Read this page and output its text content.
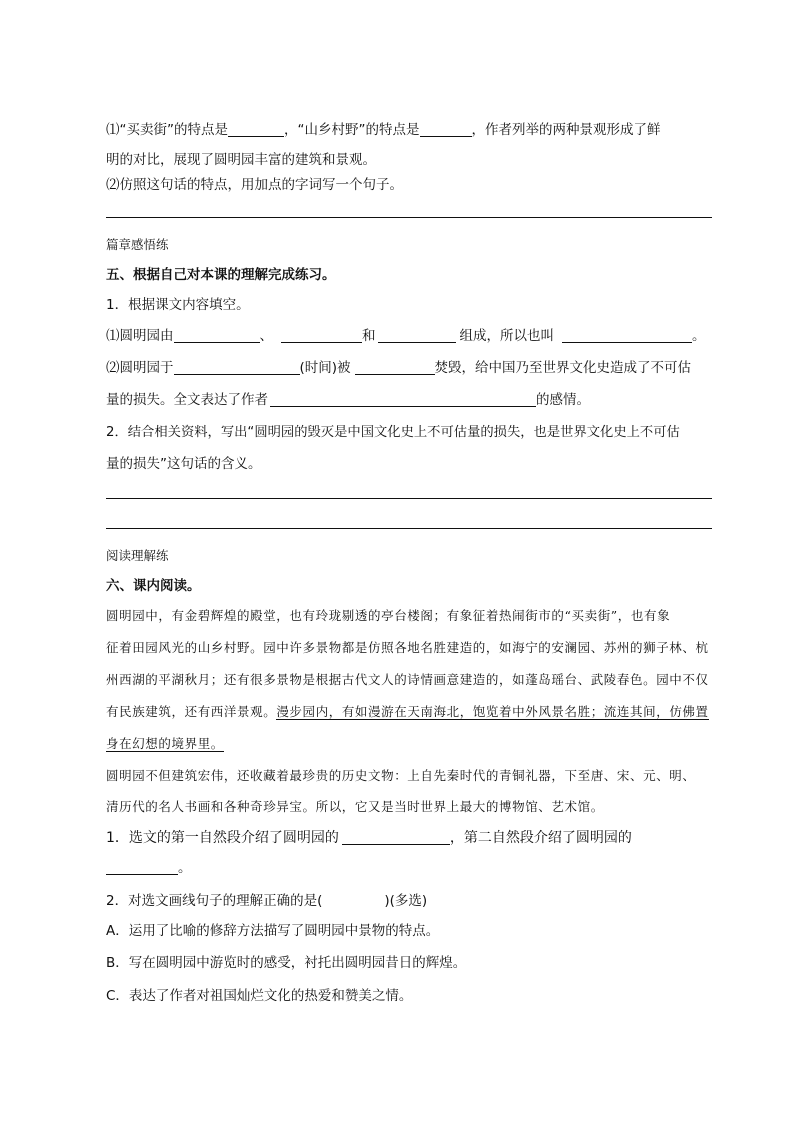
⑴“买卖街”的特点是	，“山乡村野”的特点是	，作者列举的两种景观形成了鲜
明的对比，展现了圆明园丰富的建筑和景观。
⑵仿照这句话的特点，用加点的字词写一个句子。
篇章感悟练
五、根据自己对本课的理解完成练习。
1．根据课文内容填空。
⑴圆明园由	、	和	组成，所以也叫	。
⑵圆明园于	(时间)被	焚毁，给中国乃至世界文化史造成了不可估
量的损失。全文表达了作者	的感情。
2．结合相关资料，写出“圆明园的毁灭是中国文化史上不可估量的损失，也是世界文化史上不可估
量的损失”这句话的含义。
阅读理解练
六、课内阅读。
圆明园中，有金碧辉煌的殿堂，也有玲珑剔透的亭台楼阁；有象征着热闹街市的“买卖街”，也有象
征着田园风光的山乡村野。园中许多景物都是仿照各地名胜建造的，如海宁的安澜园、苏州的狮子林、杭
州西湖的平湖秋月；还有很多景物是根据古代文人的诗情画意建造的，如蓬岛瑶台、武陵春色。园中不仅
有民族建筑，还有西洋景观。漫步园内，有如漫游在天南海北，饱览着中外风景名胜；流连其间，仿佛置
身在幻想的境界里。
圆明园不但建筑宏伟，还收藏着最珍贵的历史文物：上自先秦时代的青铜礼器，下至唐、宋、元、明、
清历代的名人书画和各种奇珍异宝。所以，它又是当时世界上最大的博物馆、艺术馆。
1．选文的第一自然段介绍了圆明园的	，第二自然段介绍了圆明园的
。
2．对选文画线句子的理解正确的是(	)(多选)
A．运用了比喻的修辞方法描写了圆明园中景物的特点。
B．写在圆明园中游览时的感受，衬托出圆明园昔日的辉煌。
C．表达了作者对祖国灿烂文化的热爱和赞美之情。
